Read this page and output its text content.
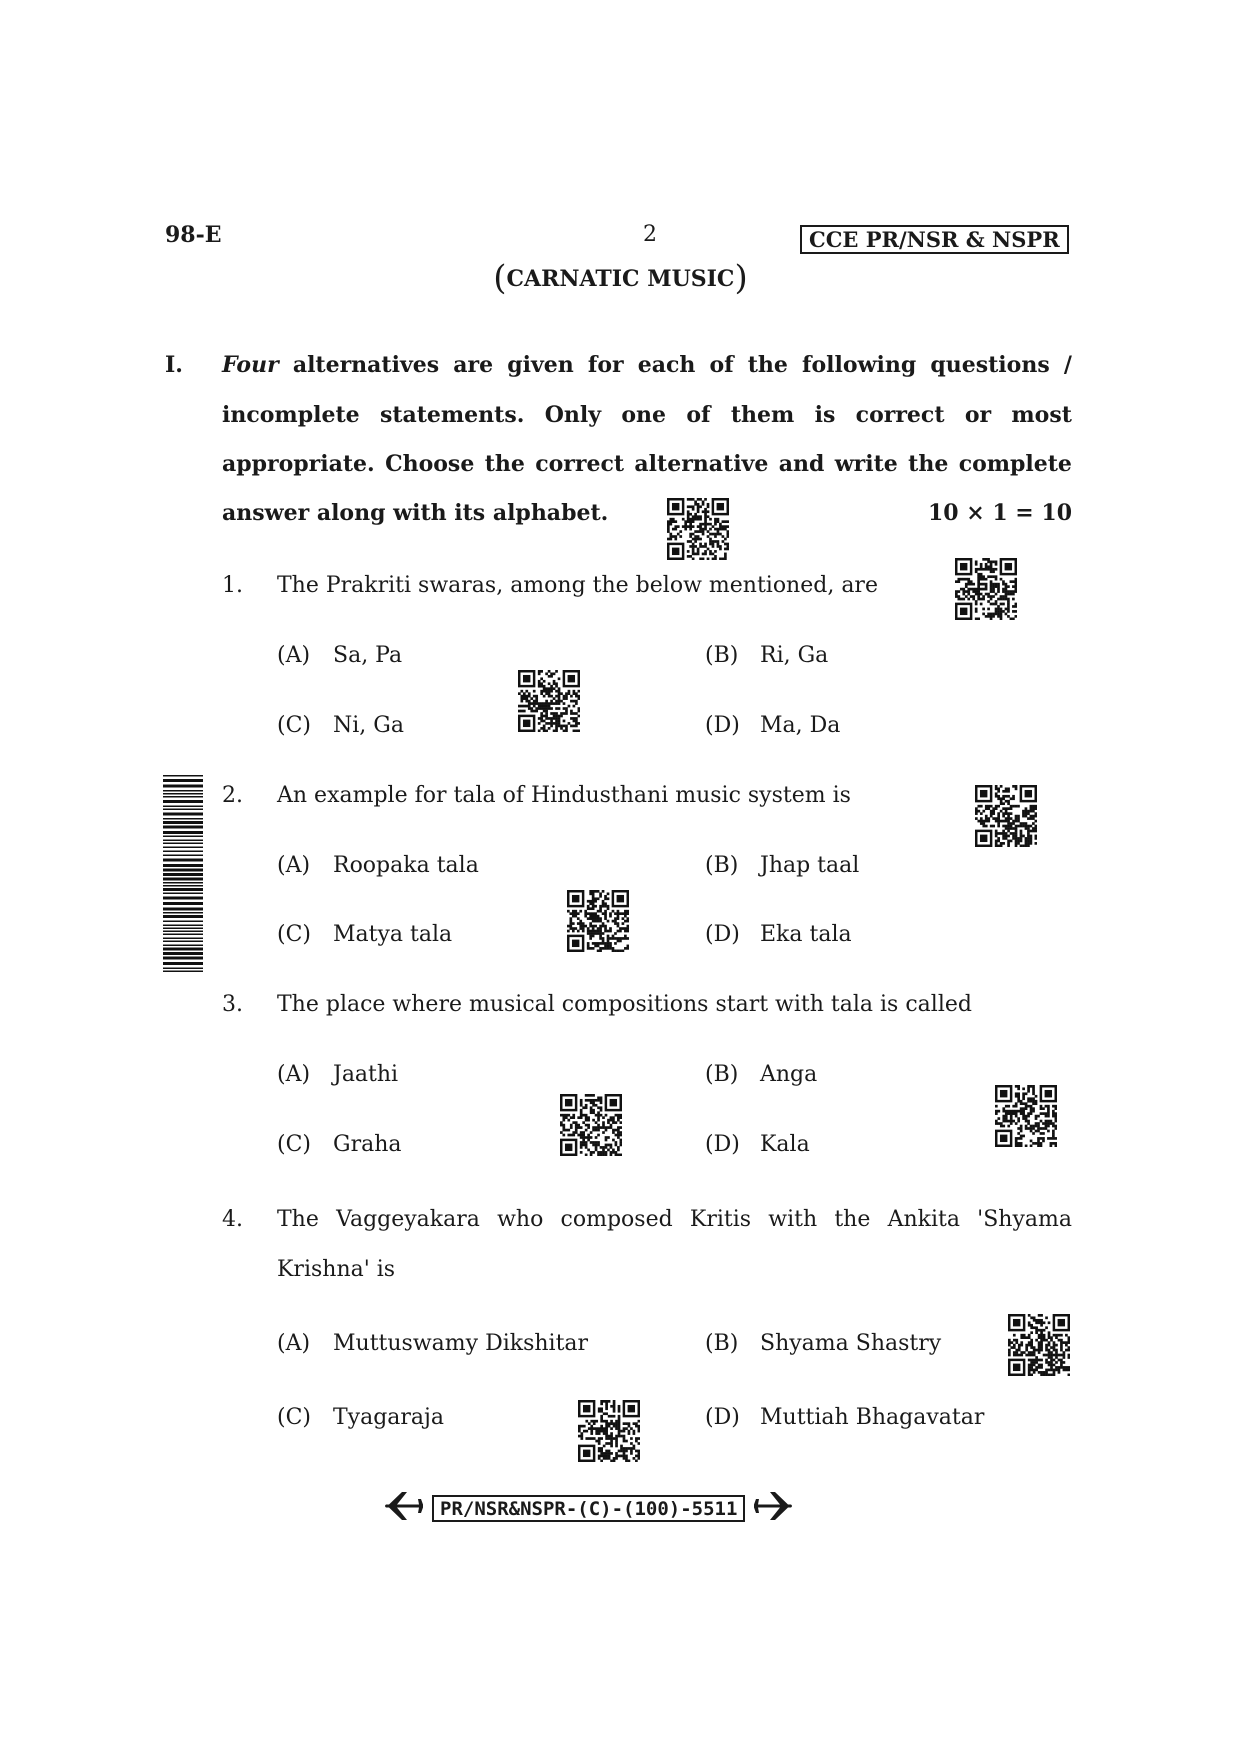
98-E	2	CCE PR/NSR & NSPR
(CARNATIC MUSIC)
I. Four alternatives are given for each of the following questions /
incomplete statements. Only one of them is correct or most
appropriate. Choose the correct alternative and write the complete
answer along with its alphabet.	10 × 1 = 10
1. The Prakriti swaras, among the below mentioned, are
(A) Sa, Pa	(B) Ri, Ga
(C) Ni, Ga	(D) Ma, Da
2. An example for tala of Hindusthani music system is
(A) Roopaka tala	(B) Jhap taal
(C) Matya tala	(D) Eka tala
3. The place where musical compositions start with tala is called
(A) Jaathi	(B) Anga
(C) Graha	(D) Kala
4. The Vaggeyakara who composed Kritis with the Ankita 'Shyama
Krishna' is
(A) Muttuswamy Dikshitar	(B) Shyama Shastry
(C) Tyagaraja	(D) Muttiah Bhagavatar
PR/NSR&NSPR-(C)-(100)-5511
